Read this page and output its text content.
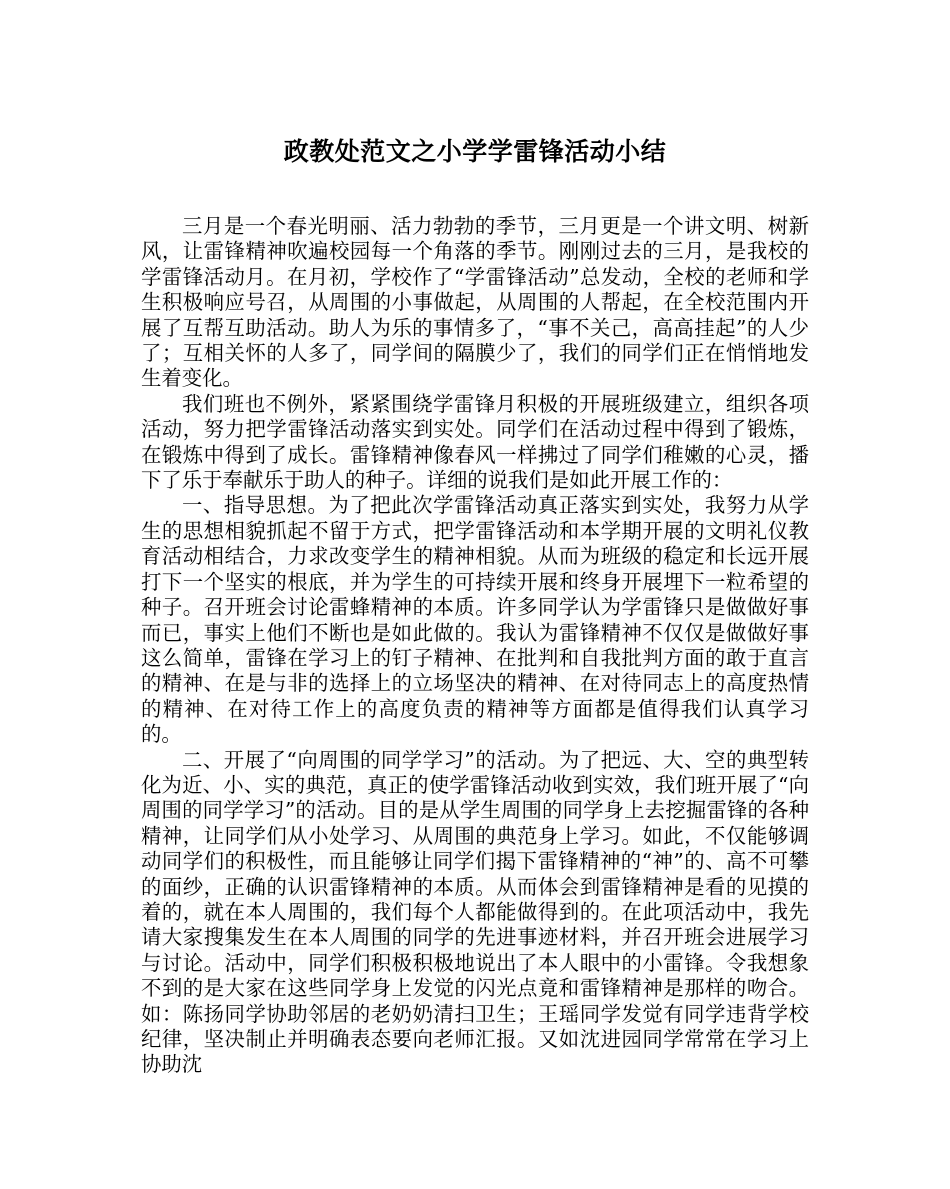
政教处范文之小学学雷锋活动小结

三月是一个春光明丽、活力勃勃的季节，三月更是一个讲文明、树新风，让雷锋精神吹遍校园每一个角落的季节。刚刚过去的三月，是我校的学雷锋活动月。在月初，学校作了“学雷锋活动”总发动，全校的老师和学生积极响应号召，从周围的小事做起，从周围的人帮起，在全校范围内开展了互帮互助活动。助人为乐的事情多了，“事不关己，高高挂起”的人少了；互相关怀的人多了，同学间的隔膜少了，我们的同学们正在悄悄地发生着变化。

我们班也不例外，紧紧围绕学雷锋月积极的开展班级建立，组织各项活动，努力把学雷锋活动落实到实处。同学们在活动过程中得到了锻炼，在锻炼中得到了成长。雷锋精神像春风一样拂过了同学们稚嫩的心灵，播下了乐于奉献乐于助人的种子。详细的说我们是如此开展工作的：

一、指导思想。为了把此次学雷锋活动真正落实到实处，我努力从学生的思想相貌抓起不留于方式，把学雷锋活动和本学期开展的文明礼仪教育活动相结合，力求改变学生的精神相貌。从而为班级的稳定和长远开展打下一个坚实的根底，并为学生的可持续开展和终身开展埋下一粒希望的种子。召开班会讨论雷蜂精神的本质。许多同学认为学雷锋只是做做好事而已，事实上他们不断也是如此做的。我认为雷锋精神不仅仅是做做好事这么简单，雷锋在学习上的钉子精神、在批判和自我批判方面的敢于直言的精神、在是与非的选择上的立场坚决的精神、在对待同志上的高度热情的精神、在对待工作上的高度负责的精神等方面都是值得我们认真学习的。

二、开展了“向周围的同学学习”的活动。为了把远、大、空的典型转化为近、小、实的典范，真正的使学雷锋活动收到实效，我们班开展了“向周围的同学学习”的活动。目的是从学生周围的同学身上去挖掘雷锋的各种精神，让同学们从小处学习、从周围的典范身上学习。如此，不仅能够调动同学们的积极性，而且能够让同学们揭下雷锋精神的“神”的、高不可攀的面纱，正确的认识雷锋精神的本质。从而体会到雷锋精神是看的见摸的着的，就在本人周围的，我们每个人都能做得到的。在此项活动中，我先请大家搜集发生在本人周围的同学的先进事迹材料，并召开班会进展学习与讨论。活动中，同学们积极积极地说出了本人眼中的小雷锋。令我想象不到的是大家在这些同学身上发觉的闪光点竟和雷锋精神是那样的吻合。如：陈扬同学协助邻居的老奶奶清扫卫生；王瑶同学发觉有同学违背学校纪律，坚决制止并明确表态要向老师汇报。又如沈进园同学常常在学习上协助沈
